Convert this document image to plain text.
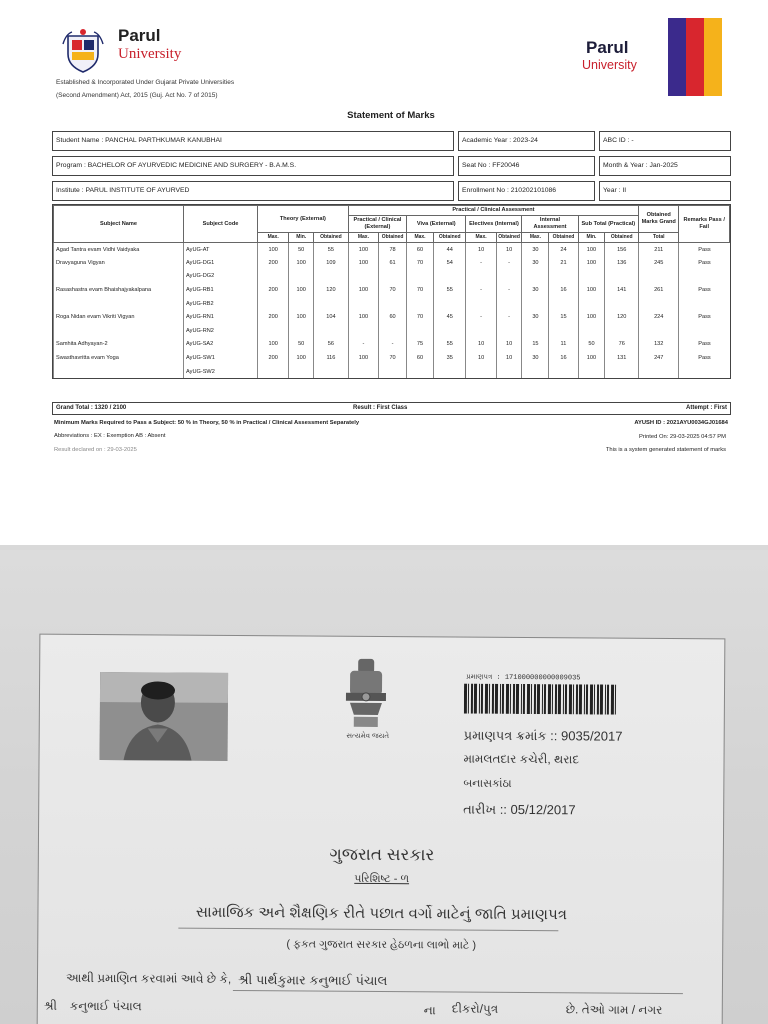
Parul
University
Established & Incorporated Under Gujarat Private Universities
(Second Amendment) Act, 2015 (Guj. Act No. 7 of 2015)
Parul
University
Statement of Marks
Student Name : PANCHAL PARTHKUMAR KANUBHAI	Academic Year : 2023-24	ABC ID : -
Program : BACHELOR OF AYURVEDIC MEDICINE AND SURGERY - B.A.M.S.	Seat No : FF20046	Month & Year : Jan-2025
Institute : PARUL INSTITUTE OF AYURVED	Enrollment No : 210202101086	Year : II
Subject Name	Subject Code	Theory (External)			Practical / Clinical Assessment										Obtained Marks Grand	Remarks Pass / Fail
					Practical / Clinical (External)		Viva (External)		Electives (Internal)		Internal Assessment		Sub Total (Practical)			
		Max.	Min.	Obtained	Max.	Obtained	Max.	Obtained	Max.	Obtained	Max.	Obtained	Min.	Obtained	Total	
Agad Tantra evam Vidhi Vaidyaka	AyUG-AT	100	50	55	100	78	60	44	10	10	30	24	100	156	211	Pass
Dravyaguna Vigyan	AyUG-DG1	200	100	109	100	61	70	54	-	-	30	21	100	136	245	Pass
	AyUG-DG2															
Rasashastra evam Bhaishajyakalpana	AyUG-RB1	200	100	120	100	70	70	55	-	-	30	16	100	141	261	Pass
	AyUG-RB2															
Roga Nidan evam Vikriti Vigyan	AyUG-RN1	200	100	104	100	60	70	45	-	-	30	15	100	120	224	Pass
	AyUG-RN2															
Samhita Adhyayan-2	AyUG-SA2	100	50	56	-	-	75	55	10	10	15	11	50	76	132	Pass
Swasthavritta evam Yoga	AyUG-SW1	200	100	116	100	70	60	35	10	10	30	16	100	131	247	Pass
	AyUG-SW2															
Grand Total : 1320 / 2100	Result : First Class	Attempt : First
Minimum Marks Required to Pass a Subject: 50 % in Theory, 50 % in Practical / Clinical Assessment Separately	AYUSH ID : 2021AYU0034GJ01684
Abbreviations : EX : Exemption AB : Absent	Printed On: 29-03-2025 04:57 PM
Result declared on : 29-03-2025	This is a system generated statement of marks
સત્યમેવ જયતે
પ્રમાણપત્ર : 171000000000009035
પ્રમાણપત્ર ક્રમાંક :: 9035/2017
મામલતદાર કચેરી, થરાદ
બનાસકાંઠા
તારીખ :: 05/12/2017
ગુજરાત સરકાર
પરિશિષ્ટ - ળ
સામાજિક અને શૈક્ષણિક રીતે પછાત વર્ગો માટેનું જાતિ પ્રમાણપત્ર
( ફકત ગુજરાત સરકાર હેઠળના લાભો માટે )
આથી પ્રમાણિત કરવામાં આવે છે કે, શ્રી પાર્થકુમાર કનુભાઈ પંચાલ
શ્રી કનુભાઈ પંચાલ	ના દીકરો/પુત્ર	છે. તેઓ ગામ / નગર
